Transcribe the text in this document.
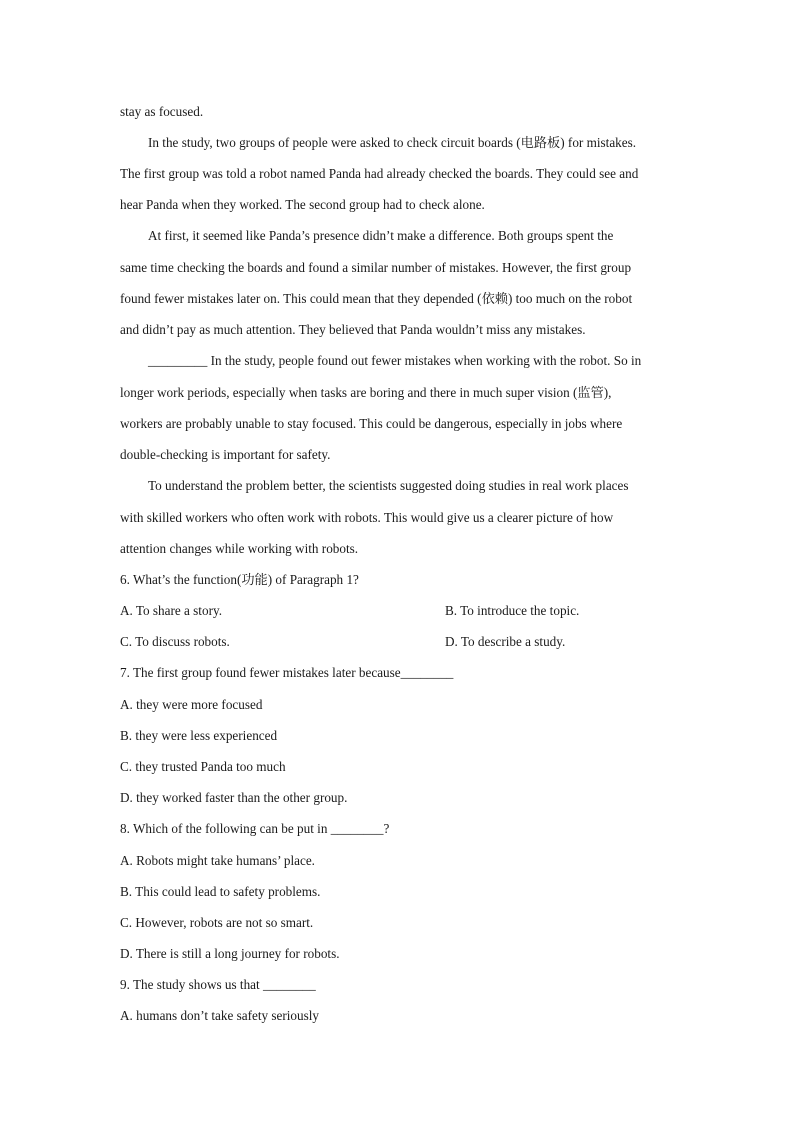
stay as focused.
In the study, two groups of people were asked to check circuit boards (电路板) for mistakes.
The first group was told a robot named Panda had already checked the boards. They could see and
hear Panda when they worked. The second group had to check alone.
At first, it seemed like Panda’s presence didn’t make a difference. Both groups spent the
same time checking the boards and found a similar number of mistakes. However, the first group
found fewer mistakes later on. This could mean that they depended (依赖) too much on the robot
and didn’t pay as much attention. They believed that Panda wouldn’t miss any mistakes.
_________ In the study, people found out fewer mistakes when working with the robot. So in
longer work periods, especially when tasks are boring and there in much super vision (监管),
workers are probably unable to stay focused. This could be dangerous, especially in jobs where
double-checking is important for safety.
To understand the problem better, the scientists suggested doing studies in real work places
with skilled workers who often work with robots. This would give us a clearer picture of how
attention changes while working with robots.
6. What’s the function(功能) of Paragraph 1?
A. To share a story.	B. To introduce the topic.
C. To discuss robots.	D. To describe a study.
7. The first group found fewer mistakes later because________
A. they were more focused
B. they were less experienced
C. they trusted Panda too much
D. they worked faster than the other group.
8. Which of the following can be put in ________?
A. Robots might take humans’ place.
B. This could lead to safety problems.
C. However, robots are not so smart.
D. There is still a long journey for robots.
9. The study shows us that ________
A. humans don’t take safety seriously
